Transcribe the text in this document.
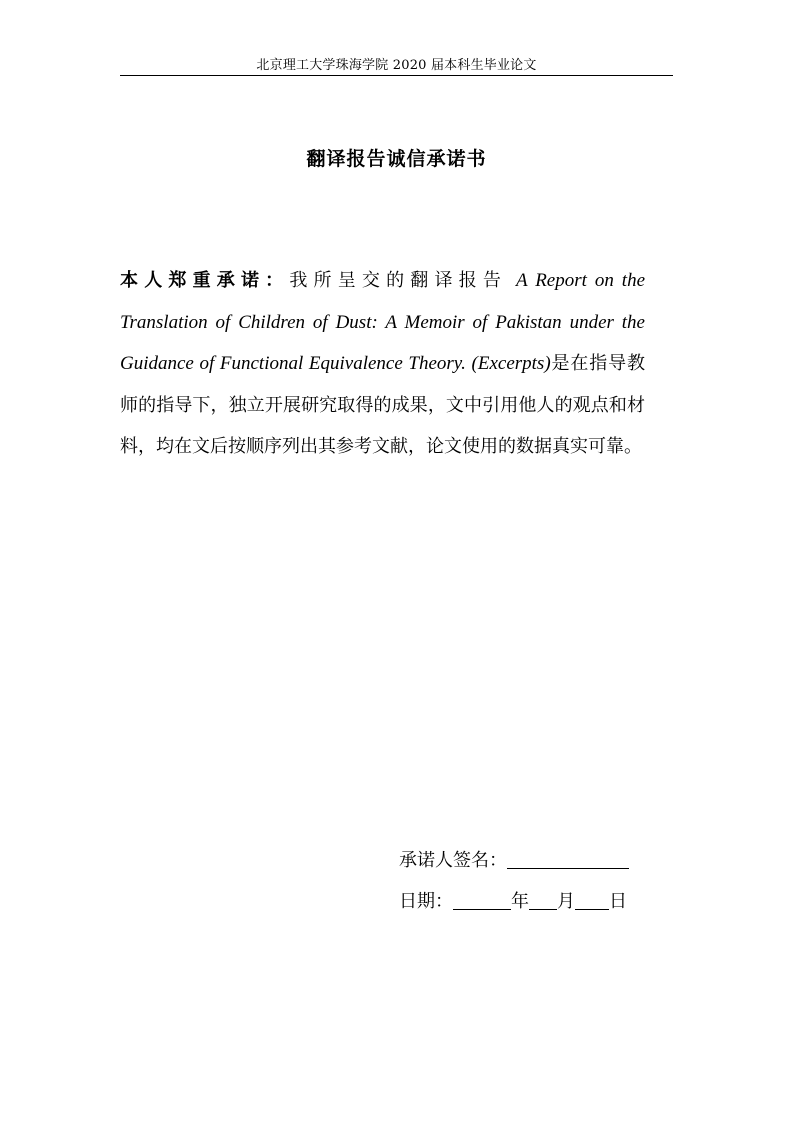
北京理工大学珠海学院 2020 届本科生毕业论文
翻译报告诚信承诺书
本人郑重承诺：我所呈交的翻译报告 A Report on the Translation of Children of Dust: A Memoir of Pakistan under the Guidance of Functional Equivalence Theory. (Excerpts)是在指导教师的指导下，独立开展研究取得的成果，文中引用他人的观点和材料，均在文后按顺序列出其参考文献，论文使用的数据真实可靠。
承诺人签名：
日期：	年 月 日
